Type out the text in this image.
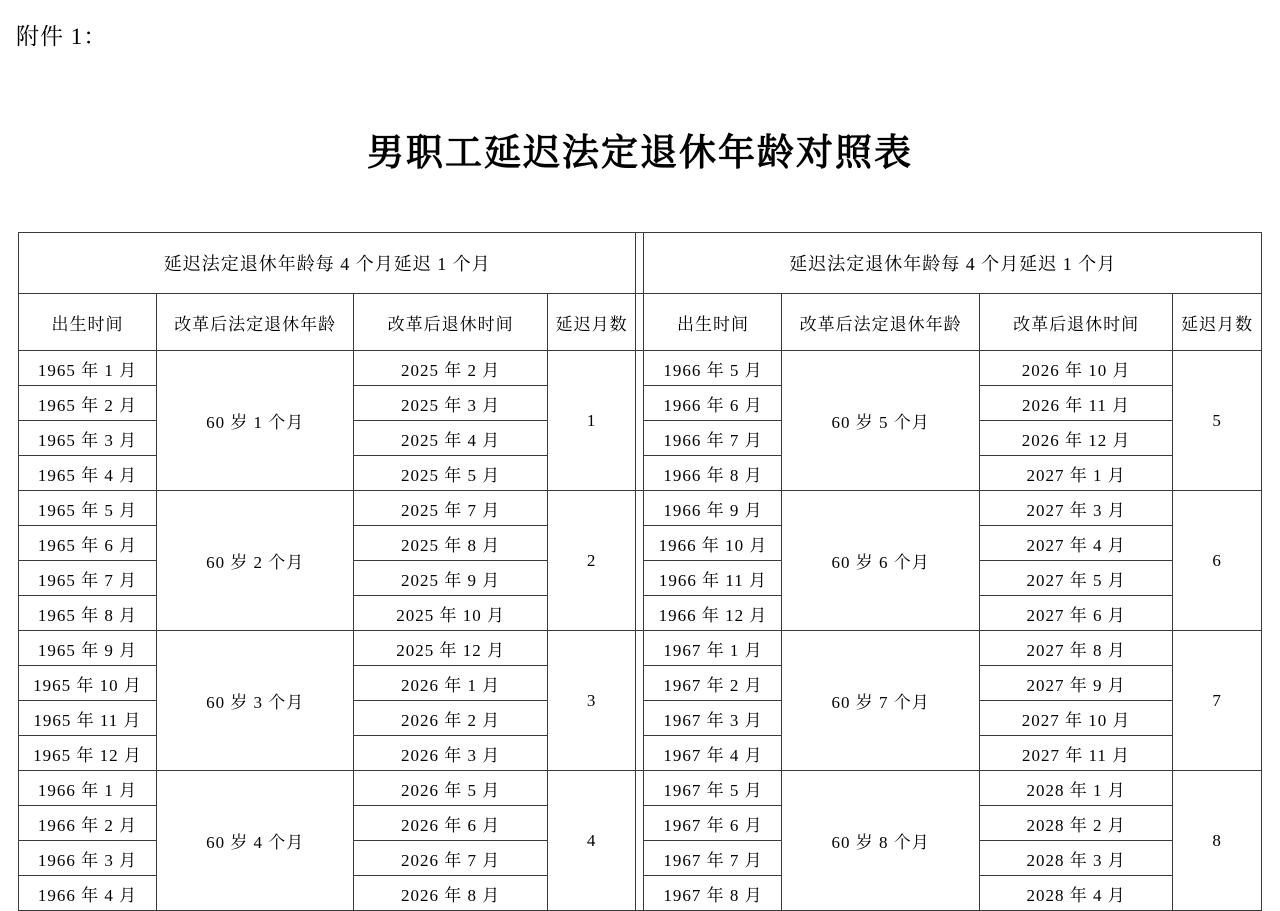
附件 1：
男职工延迟法定退休年龄对照表
延迟法定退休年龄每 4 个月延迟 1 个月					延迟法定退休年龄每 4 个月延迟 1 个月			
出生时间	改革后法定退休年龄	改革后退休时间	延迟月数		出生时间	改革后法定退休年龄	改革后退休时间	延迟月数
1965 年 1 月	60 岁 1 个月	2025 年 2 月	1		1966 年 5 月	60 岁 5 个月	2026 年 10 月	5
1965 年 2 月		2025 年 3 月			1966 年 6 月		2026 年 11 月	
1965 年 3 月		2025 年 4 月			1966 年 7 月		2026 年 12 月	
1965 年 4 月		2025 年 5 月			1966 年 8 月		2027 年 1 月	
1965 年 5 月	60 岁 2 个月	2025 年 7 月	2		1966 年 9 月	60 岁 6 个月	2027 年 3 月	6
1965 年 6 月		2025 年 8 月			1966 年 10 月		2027 年 4 月	
1965 年 7 月		2025 年 9 月			1966 年 11 月		2027 年 5 月	
1965 年 8 月		2025 年 10 月			1966 年 12 月		2027 年 6 月	
1965 年 9 月	60 岁 3 个月	2025 年 12 月	3		1967 年 1 月	60 岁 7 个月	2027 年 8 月	7
1965 年 10 月		2026 年 1 月			1967 年 2 月		2027 年 9 月	
1965 年 11 月		2026 年 2 月			1967 年 3 月		2027 年 10 月	
1965 年 12 月		2026 年 3 月			1967 年 4 月		2027 年 11 月	
1966 年 1 月	60 岁 4 个月	2026 年 5 月	4		1967 年 5 月	60 岁 8 个月	2028 年 1 月	8
1966 年 2 月		2026 年 6 月			1967 年 6 月		2028 年 2 月	
1966 年 3 月		2026 年 7 月			1967 年 7 月		2028 年 3 月	
1966 年 4 月		2026 年 8 月			1967 年 8 月		2028 年 4 月	
